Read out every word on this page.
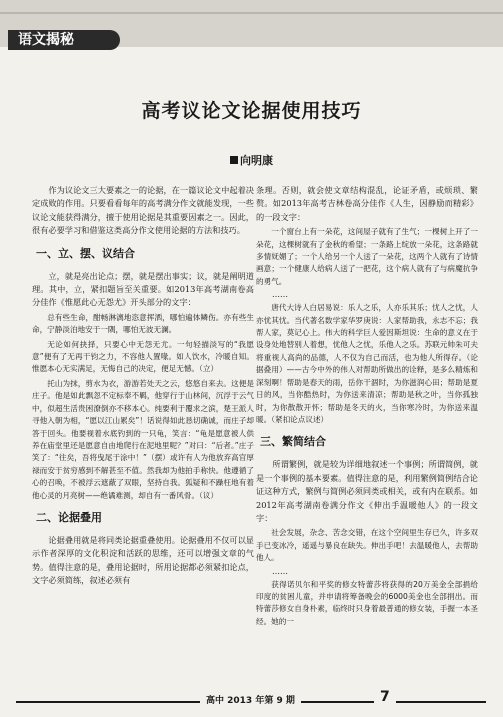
语文揭秘
高考议论文论据使用技巧
向明康

作为议论文三大要素之一的论据，在一篇议论文中起着决定成败的作用。只要看看每年的高考满分作文就能发现，一些议论文能获得满分，擅于使用论据是其重要因素之一。因此，很有必要学习和借鉴这类高分作文使用论据的方法和技巧。

一、立、摆、议结合

立，就是亮出论点；摆，就是摆出事实；议，就是阐明道理。其中，立，紧扣题旨至关重要。如2013年高考湖南卷高分佳作《惟愿此心无怨尤》开头部分的文字：

总有些生命，酣畅淋漓地恣意挥洒，哪怕遍体鳞伤。亦有些生命，宁静淡泊地安于一隅，哪怕无波无澜。

无论如何抉择，只要心中无怨无尤。一句轻描淡写的“我愿意”便有了无再干钧之力，不容他人置喙。如人饮水，冷暖自知。惟愿本心无实满足，无悔自己的决定，便足无憾。（立）

托山为抹，剪水为衣，游游若处天之云，悠悠自来去。这便是庄子。他是如此飘忽不定标奉不羁，他穿行于山林间，沉浮于云气中，似超生活贵困潦倒亦不移本心。纯要利于覆求之滨，楚王派人寻他入朝为相，“愿以江山累矣”！话说得如此恳切确诚，而庄子却答于回头。他要视着水底钓到的一只龟，笑言：“龟是愿意被人供养在庙堂里还是愿意自由地爬行在泥地里呢？”对曰：“后者。”庄子笑了：“往矣，吾将曳尾于涂中！”（摆）或许有人为他放弃高官厚禄而安于贫穷感到不解甚至不值。然我却为他拍手称快。他遵循了心的召唤，不被浮云遮蔽了双眼，坚持自我。狐疑和不躁枉地有着他心灵的月亮树——绝谲难测，却自有一番风骨。（议）

二、论据叠用

论据叠用就是将同类论据重叠使用。论据叠用不仅可以显示作者深厚的文化积淀和活跃的思维，还可以增强文章的气势。值得注意的是，叠用论据时，所用论据都必须紧扣论点，文字必须简练，叙述必须有

条理。否则，就会使文章结构混乱，论证矛盾，或烦琐、繁赘。如2013年高考吉林卷高分佳作《人生，因静励而精彩》的一段文字：

一个窗台上有一朵花，这间屋子就有了生气；一棵树上开了一朵花，这棵树就有了金秋的希望；一条路上绽放一朵花，这条路就多情妩媚了；一个人给另一个人送了一朵花，这两个人就有了诗情画意；一个健康人给病人送了一把花，这个病人就有了与病魔抗争的勇气。

……

唐代大诗人白居易说：乐人之乐，人亦乐其乐；忧人之忧，人亦忧其忧。当代著名数学家华罗庚说：人家帮助我，永志不忘；我帮人家，莫记心上。伟大的科学巨人爱因斯坦说：生命的意义在于设身处地替别人着想，忧他人之忧，乐他人之乐。苏联元帅朱可夫将重视人高尚的品德，人不仅为自己而活，也为他人所得存。（论据叠用）——古今中外的伟人对帮助所做出的诠释，是多么精炼和深刻啊！帮助是春天的雨，岳你干涸时，为你滋润心田；帮助是夏日的风，当你酷热时，为你送来清凉；帮助是秋之叶，当你孤独时，为你散散开怀；帮助是冬天的火，当你寒冷时，为你送来温暖。（紧扣论点议述）

三、繁简结合

所谓繁例，就是较为详细地叙述一个事例；所谓简例，就是一个事例的基本要素。值得注意的是，利用繁例简例结合论证这种方式，繁例与简例必须同类或相关，或有内在联系。如2012年高考湖南卷满分作文《伸出手温暖他人》的一段文字：

社会发展，杂念、苦念交错，在这个空间里生存已久，许多双手已变冰冷，遥遥与暴良在缺失。伸出手吧！去温暖他人，去帮助他人。

……

获得诺贝尔和平奖的修女特蕾莎将获得的20万美金全部捐给印度的贫困儿童，并申请将筹备晚会的6000美金也全部捐出。而特蕾莎修女自身朴素，临终时只身着最普通的修女装，手握一本圣经。她的一

高中 2013 年第 9 期	7
